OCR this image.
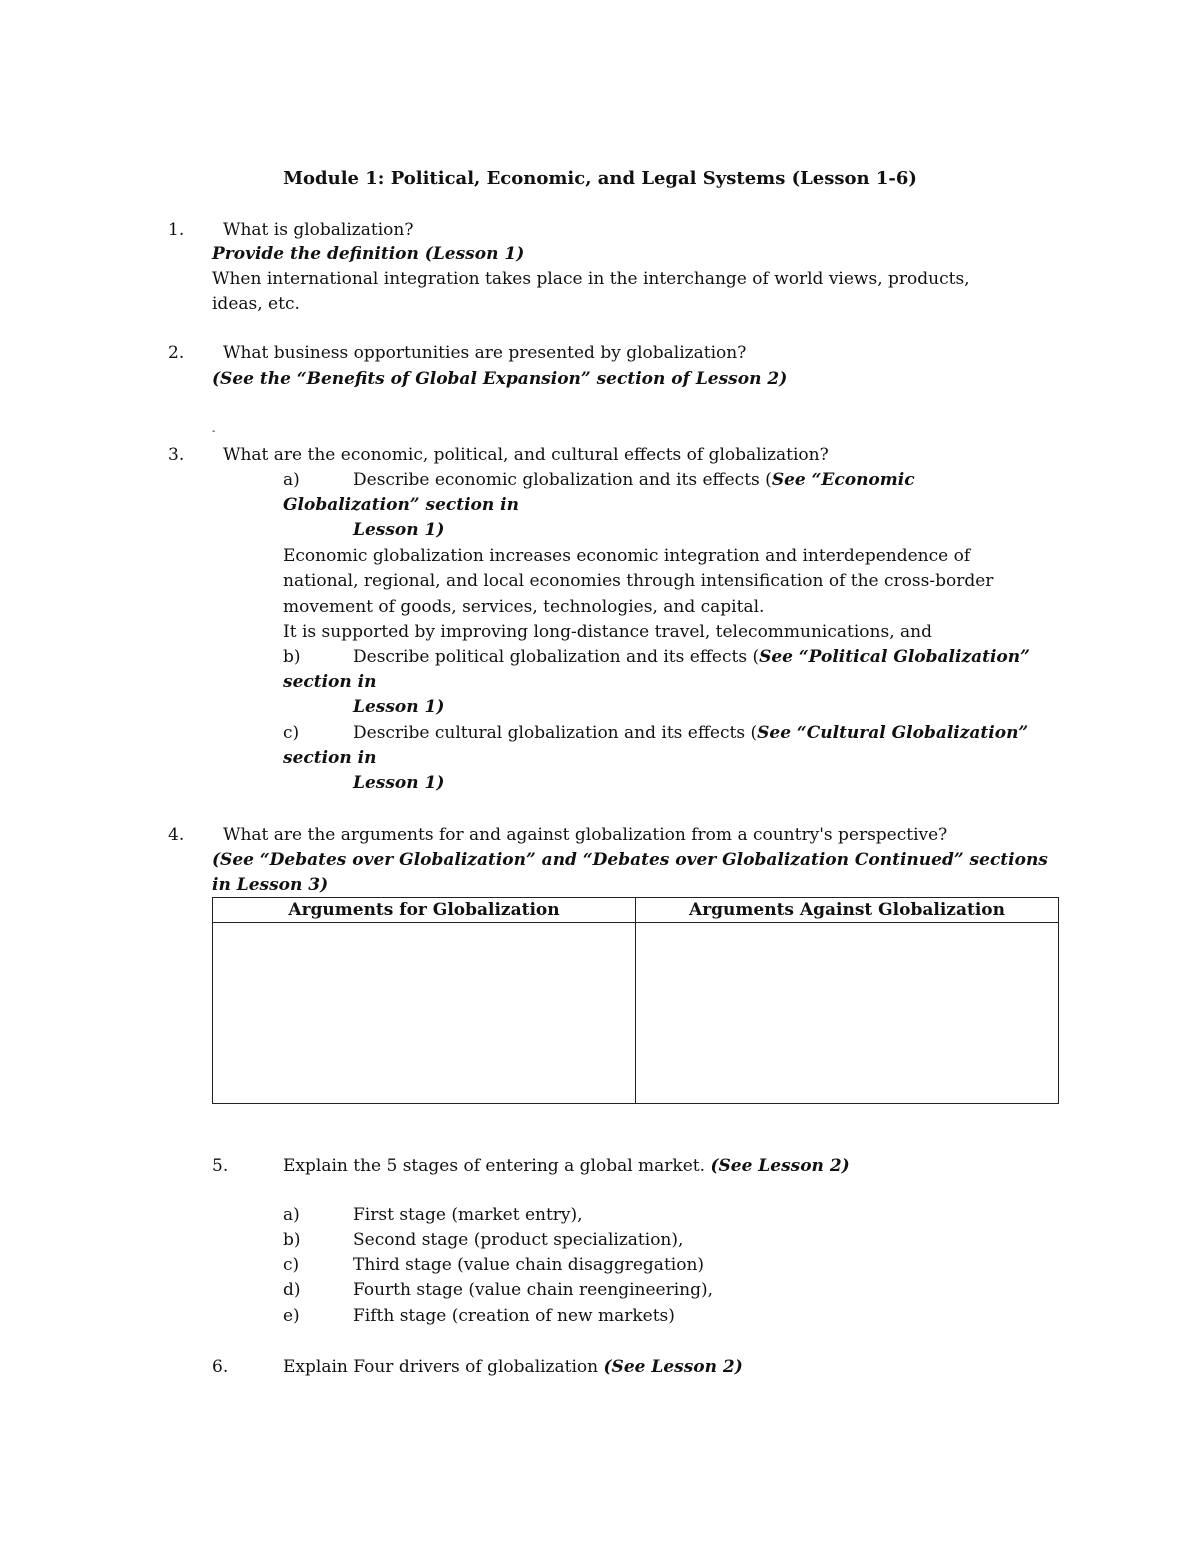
Module 1: Political, Economic, and Legal Systems (Lesson 1-6)
1. What is globalization?
Provide the definition (Lesson 1)
When international integration takes place in the interchange of world views, products,
ideas, etc.
2. What business opportunities are presented by globalization?
(See the “Benefits of Global Expansion” section of Lesson 2)
-
3. What are the economic, political, and cultural effects of globalization?
a)	Describe economic globalization and its effects (See “Economic
Globalization” section in
Lesson 1)
Economic globalization increases economic integration and interdependence of
national, regional, and local economies through intensification of the cross-border
movement of goods, services, technologies, and capital.
It is supported by improving long-distance travel, telecommunications, and
b)	Describe political globalization and its effects (See “Political Globalization”
section in
Lesson 1)
c)	Describe cultural globalization and its effects (See “Cultural Globalization”
section in
Lesson 1)
4. What are the arguments for and against globalization from a country's perspective?
(See “Debates over Globalization” and “Debates over Globalization Continued” sections
in Lesson 3)
Arguments for Globalization	Arguments Against Globalization

5.	Explain the 5 stages of entering a global market. (See Lesson 2)
a)	First stage (market entry),
b)	Second stage (product specialization),
c)	Third stage (value chain disaggregation)
d)	Fourth stage (value chain reengineering),
e)	Fifth stage (creation of new markets)
6.	Explain Four drivers of globalization (See Lesson 2)
